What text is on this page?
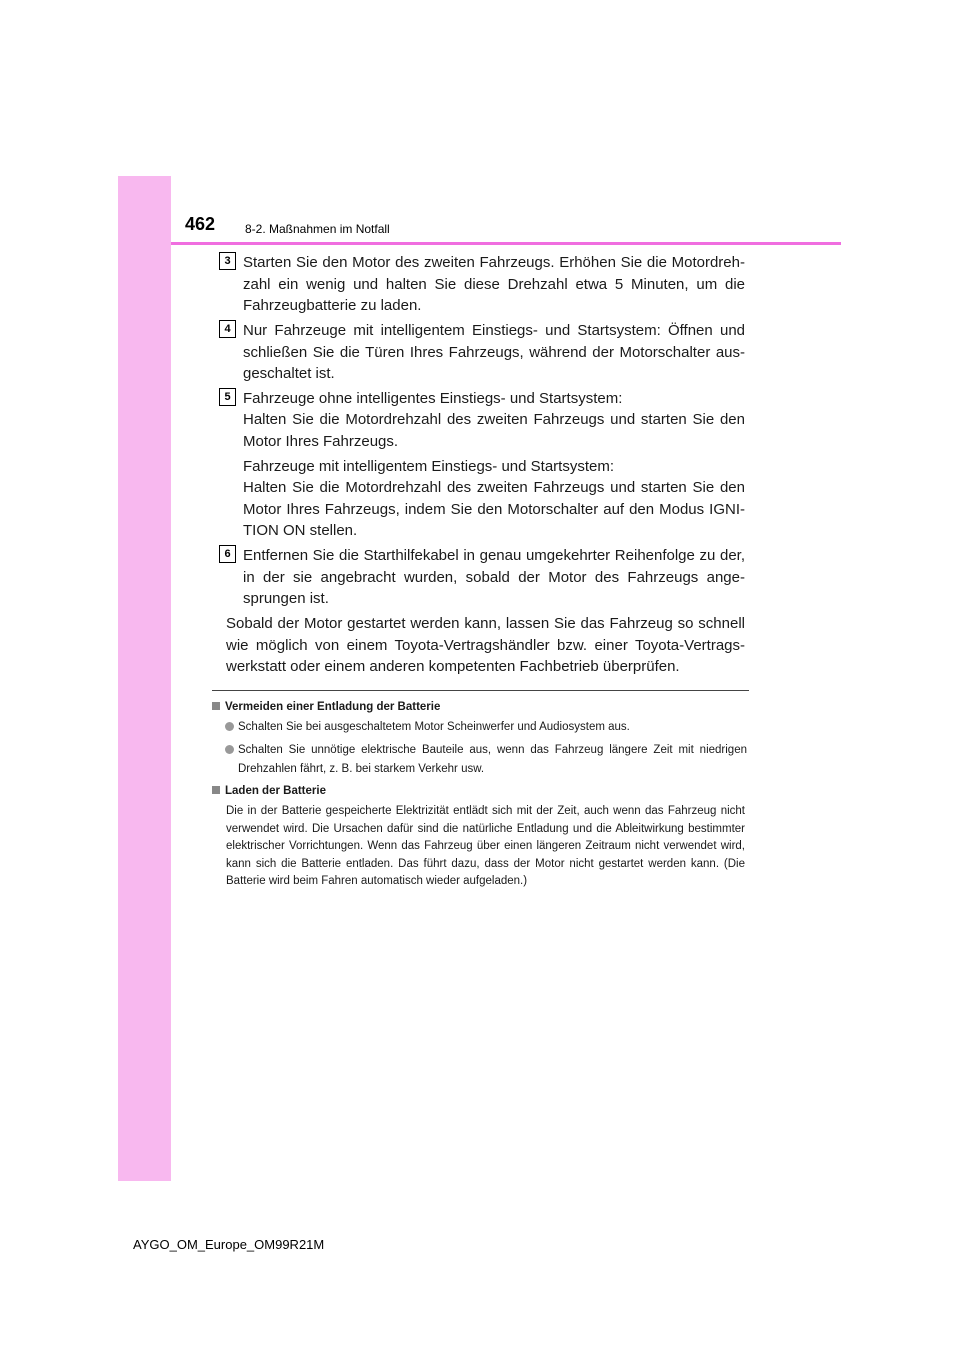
462 8-2. Maßnahmen im Notfall
3 Starten Sie den Motor des zweiten Fahrzeugs. Erhöhen Sie die Motordrehzahl ein wenig und halten Sie diese Drehzahl etwa 5 Minuten, um die Fahrzeugbatterie zu laden.
4 Nur Fahrzeuge mit intelligentem Einstiegs- und Startsystem: Öffnen und schließen Sie die Türen Ihres Fahrzeugs, während der Motorschalter ausgeschaltet ist.
5 Fahrzeuge ohne intelligentes Einstiegs- und Startsystem:
Halten Sie die Motordrehzahl des zweiten Fahrzeugs und starten Sie den Motor Ihres Fahrzeugs.
Fahrzeuge mit intelligentem Einstiegs- und Startsystem:
Halten Sie die Motordrehzahl des zweiten Fahrzeugs und starten Sie den Motor Ihres Fahrzeugs, indem Sie den Motorschalter auf den Modus IGNITION ON stellen.
6 Entfernen Sie die Starthilfekabel in genau umgekehrter Reihenfolge zu der, in der sie angebracht wurden, sobald der Motor des Fahrzeugs angesprungen ist.
Sobald der Motor gestartet werden kann, lassen Sie das Fahrzeug so schnell wie möglich von einem Toyota-Vertragshändler bzw. einer Toyota-Vertragswerkstatt oder einem anderen kompetenten Fachbetrieb überprüfen.
Vermeiden einer Entladung der Batterie
Schalten Sie bei ausgeschaltetem Motor Scheinwerfer und Audiosystem aus.
Schalten Sie unnötige elektrische Bauteile aus, wenn das Fahrzeug längere Zeit mit niedrigen Drehzahlen fährt, z. B. bei starkem Verkehr usw.
Laden der Batterie
Die in der Batterie gespeicherte Elektrizität entlädt sich mit der Zeit, auch wenn das Fahrzeug nicht verwendet wird. Die Ursachen dafür sind die natürliche Entladung und die Ableitwirkung bestimmter elektrischer Vorrichtungen. Wenn das Fahrzeug über einen längeren Zeitraum nicht verwendet wird, kann sich die Batterie entladen. Das führt dazu, dass der Motor nicht gestartet werden kann. (Die Batterie wird beim Fahren automatisch wieder aufgeladen.)
AYGO_OM_Europe_OM99R21M
